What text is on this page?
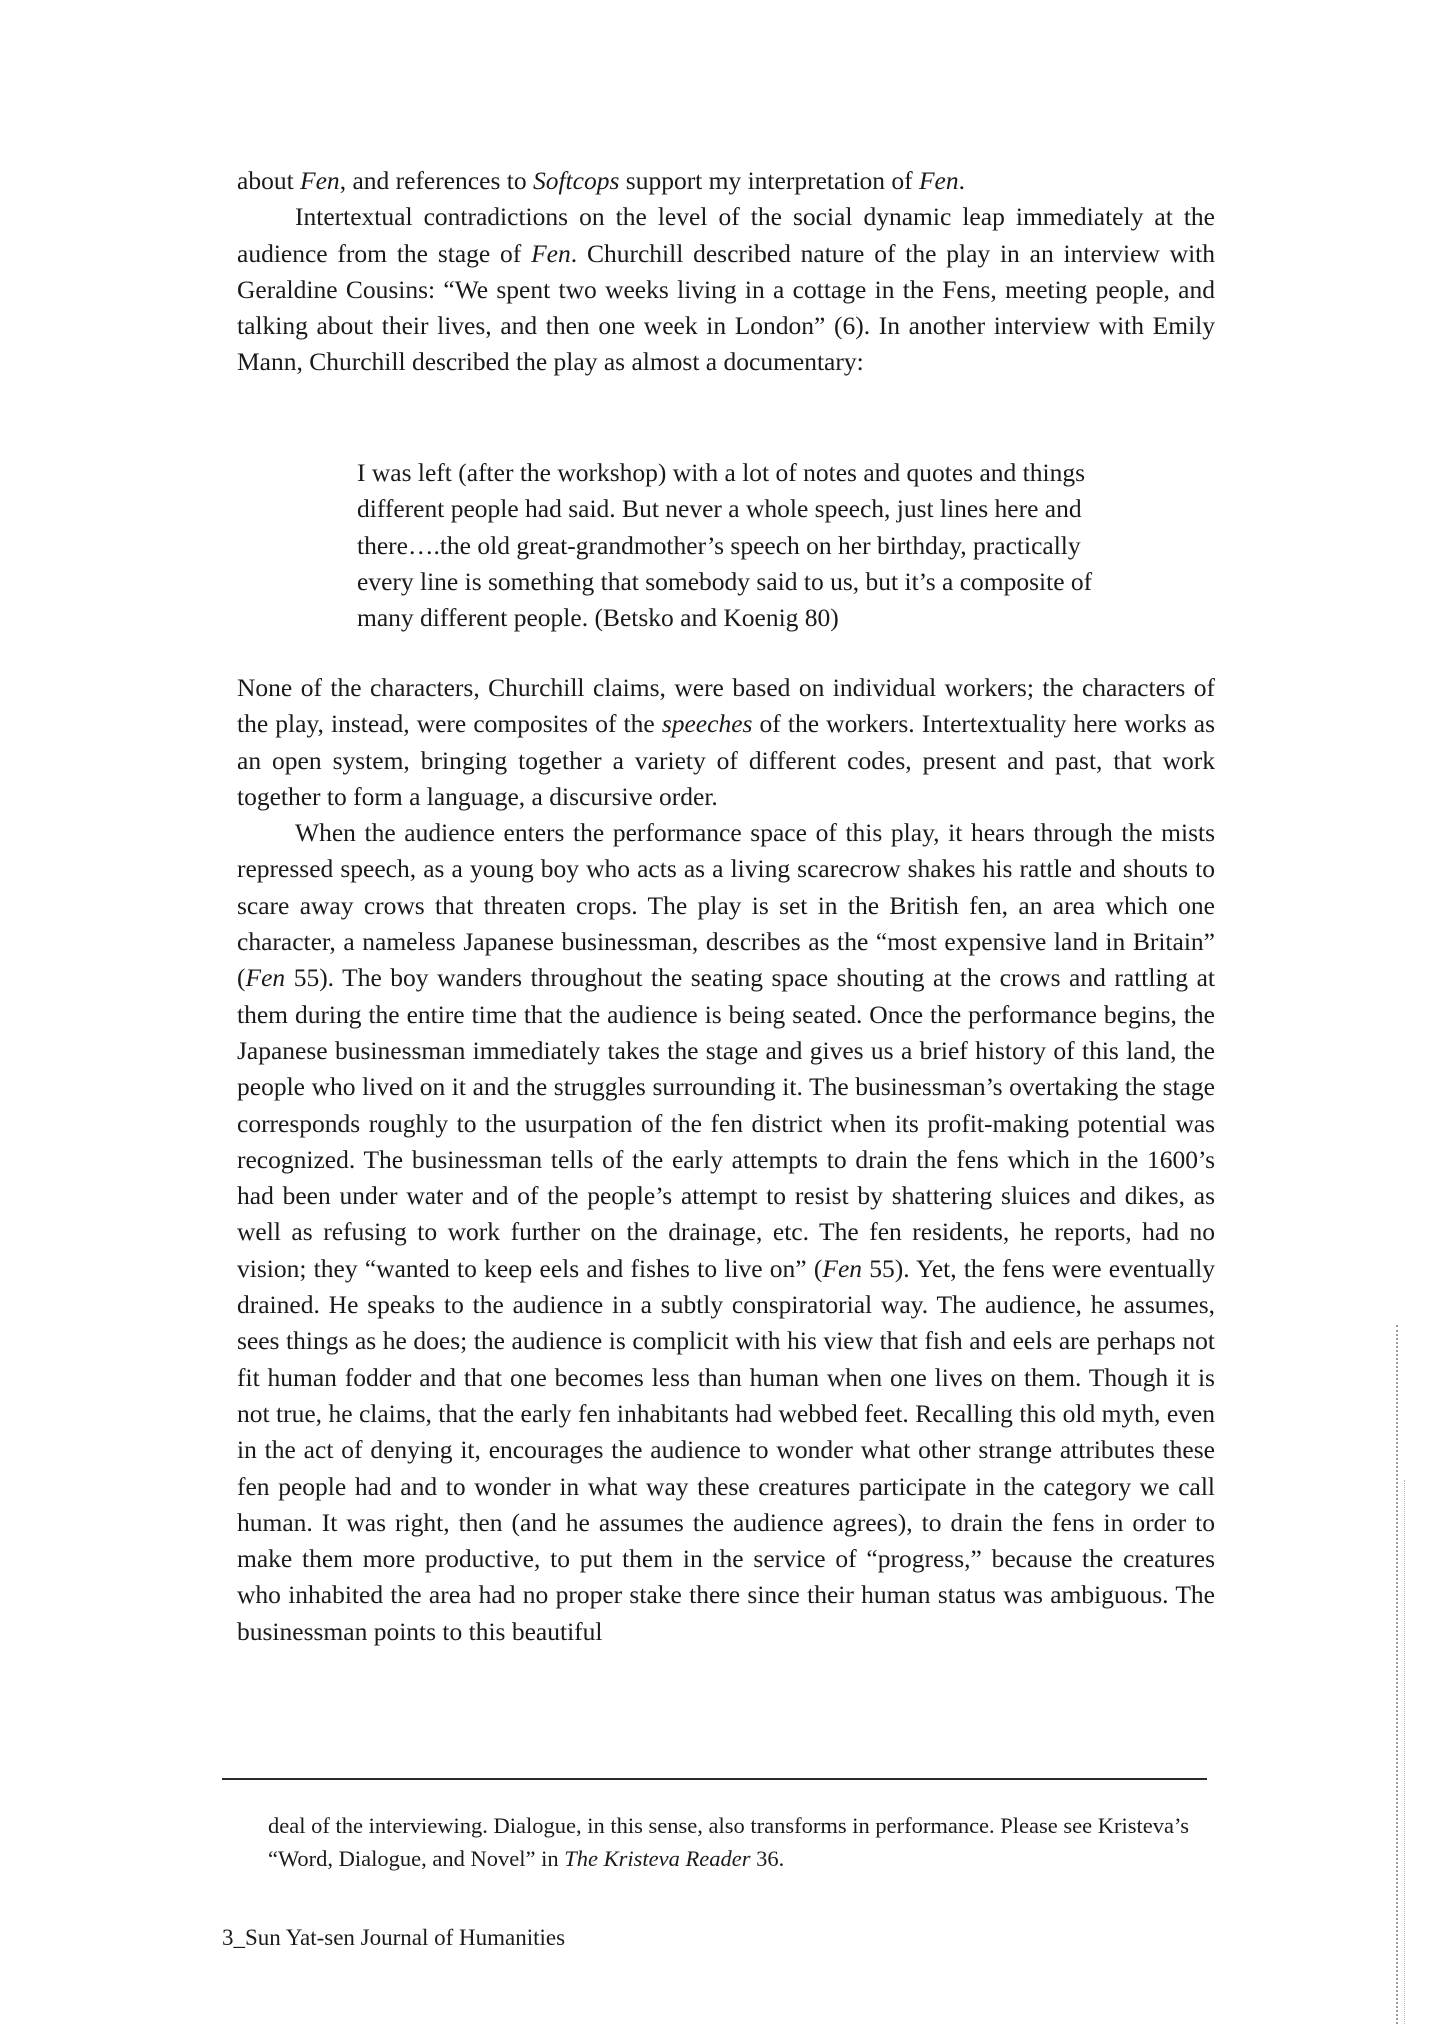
about Fen, and references to Softcops support my interpretation of Fen.

Intertextual contradictions on the level of the social dynamic leap immediately at the audience from the stage of Fen. Churchill described nature of the play in an interview with Geraldine Cousins: “We spent two weeks living in a cottage in the Fens, meeting people, and talking about their lives, and then one week in London” (6). In another interview with Emily Mann, Churchill described the play as almost a documentary:

I was left (after the workshop) with a lot of notes and quotes and things different people had said. But never a whole speech, just lines here and there….the old great-grandmother’s speech on her birthday, practically every line is something that somebody said to us, but it’s a composite of many different people. (Betsko and Koenig 80)

None of the characters, Churchill claims, were based on individual workers; the characters of the play, instead, were composites of the speeches of the workers. Intertextuality here works as an open system, bringing together a variety of different codes, present and past, that work together to form a language, a discursive order.

When the audience enters the performance space of this play, it hears through the mists repressed speech, as a young boy who acts as a living scarecrow shakes his rattle and shouts to scare away crows that threaten crops. The play is set in the British fen, an area which one character, a nameless Japanese businessman, describes as the “most expensive land in Britain” (Fen 55). The boy wanders throughout the seating space shouting at the crows and rattling at them during the entire time that the audience is being seated. Once the performance begins, the Japanese businessman immediately takes the stage and gives us a brief history of this land, the people who lived on it and the struggles surrounding it. The businessman’s overtaking the stage corresponds roughly to the usurpation of the fen district when its profit-making potential was recognized. The businessman tells of the early attempts to drain the fens which in the 1600’s had been under water and of the people’s attempt to resist by shattering sluices and dikes, as well as refusing to work further on the drainage, etc. The fen residents, he reports, had no vision; they “wanted to keep eels and fishes to live on” (Fen 55). Yet, the fens were eventually drained. He speaks to the audience in a subtly conspiratorial way. The audience, he assumes, sees things as he does; the audience is complicit with his view that fish and eels are perhaps not fit human fodder and that one becomes less than human when one lives on them. Though it is not true, he claims, that the early fen inhabitants had webbed feet. Recalling this old myth, even in the act of denying it, encourages the audience to wonder what other strange attributes these fen people had and to wonder in what way these creatures participate in the category we call human. It was right, then (and he assumes the audience agrees), to drain the fens in order to make them more productive, to put them in the service of “progress,” because the creatures who inhabited the area had no proper stake there since their human status was ambiguous. The businessman points to this beautiful

deal of the interviewing. Dialogue, in this sense, also transforms in performance. Please see Kristeva’s “Word, Dialogue, and Novel” in The Kristeva Reader 36.

3_Sun Yat-sen Journal of Humanities
